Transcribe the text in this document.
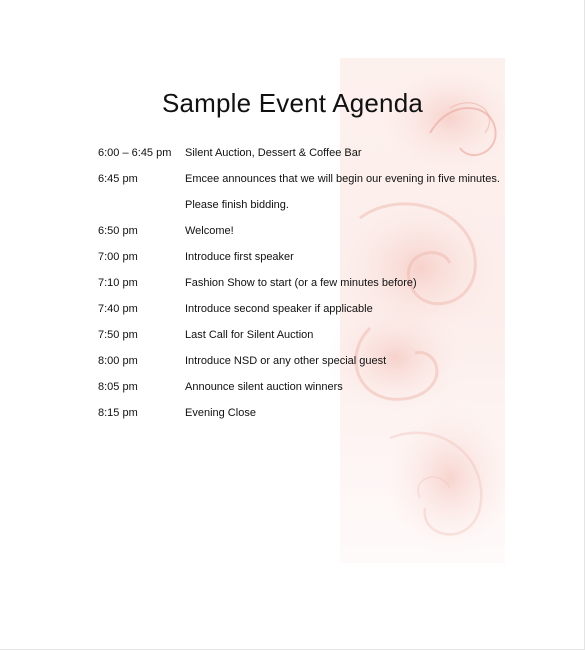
Sample Event Agenda
6:00 – 6:45 pm	Silent Auction, Dessert & Coffee Bar
6:45 pm	Emcee announces that we will begin our evening in five minutes.
Please finish bidding.
6:50 pm	Welcome!
7:00 pm	Introduce first speaker
7:10 pm	Fashion Show to start (or a few minutes before)
7:40 pm	Introduce second speaker if applicable
7:50 pm	Last Call for Silent Auction
8:00 pm	Introduce NSD or any other special guest
8:05 pm	Announce silent auction winners
8:15 pm	Evening Close
